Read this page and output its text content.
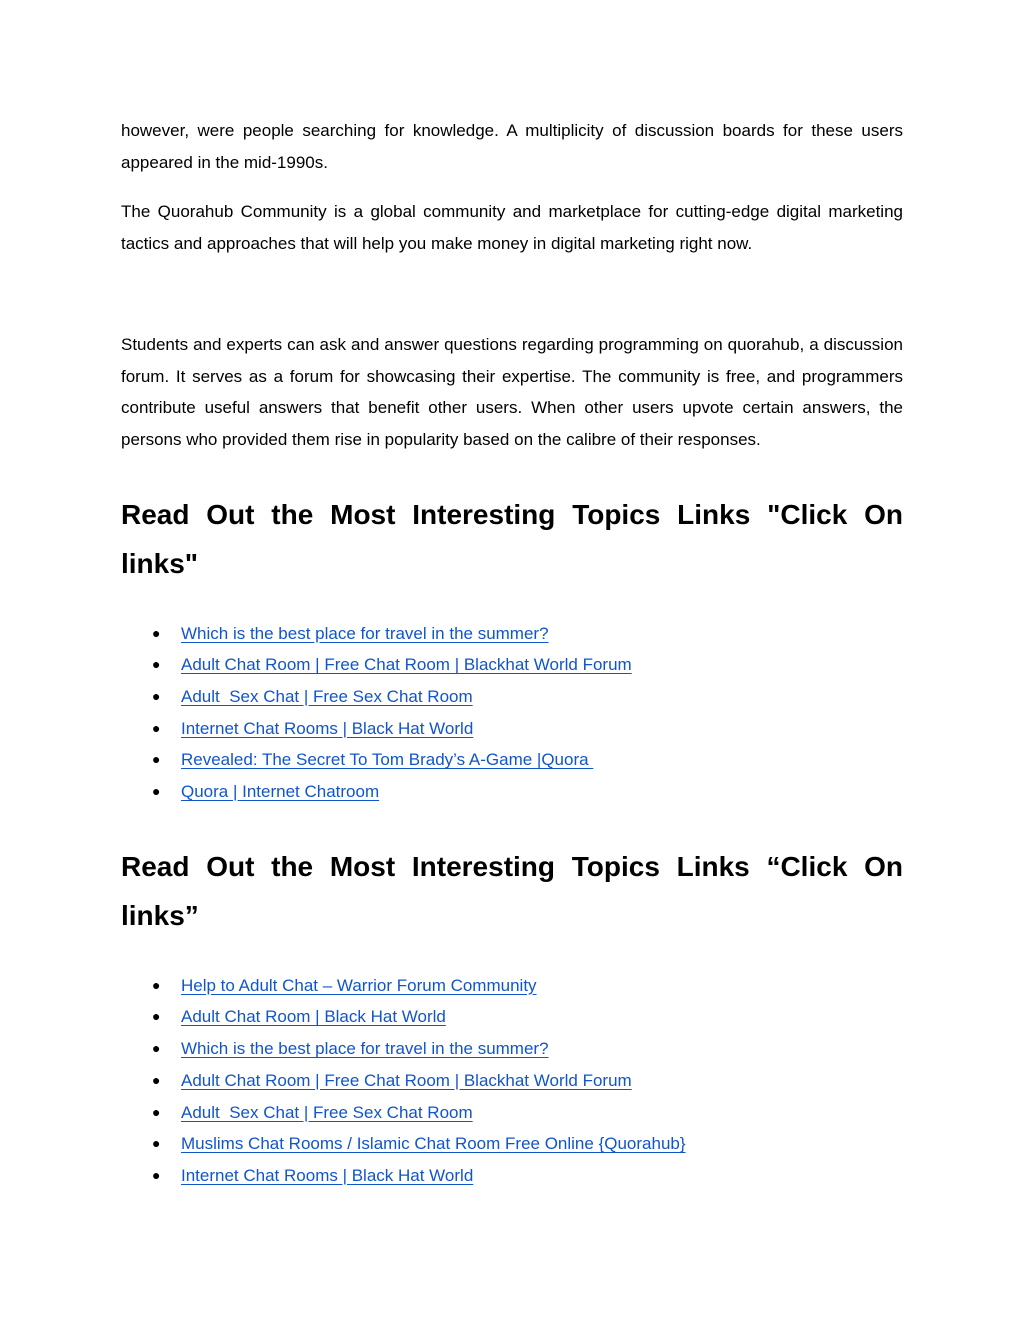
however, were people searching for knowledge. A multiplicity of discussion boards for these users appeared in the mid-1990s.

The Quorahub Community is a global community and marketplace for cutting-edge digital marketing tactics and approaches that will help you make money in digital marketing right now.

Students and experts can ask and answer questions regarding programming on quorahub, a discussion forum. It serves as a forum for showcasing their expertise. The community is free, and programmers contribute useful answers that benefit other users. When other users upvote certain answers, the persons who provided them rise in popularity based on the calibre of their responses.

Read Out the Most Interesting Topics Links "Click On links"
● Which is the best place for travel in the summer?
● Adult Chat Room | Free Chat Room | Blackhat World Forum
● Adult  Sex Chat | Free Sex Chat Room
● Internet Chat Rooms | Black Hat World
● Revealed: The Secret To Tom Brady’s A-Game |Quora
● Quora | Internet Chatroom
Read Out the Most Interesting Topics Links “Click On links”
● Help to Adult Chat – Warrior Forum Community
● Adult Chat Room | Black Hat World
● Which is the best place for travel in the summer?
● Adult Chat Room | Free Chat Room | Blackhat World Forum
● Adult  Sex Chat | Free Sex Chat Room
● Muslims Chat Rooms / Islamic Chat Room Free Online {Quorahub}
● Internet Chat Rooms | Black Hat World
